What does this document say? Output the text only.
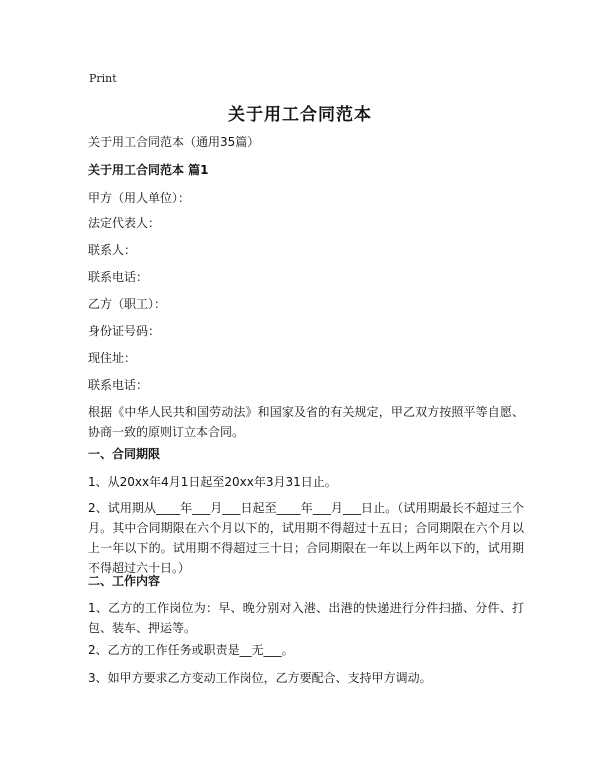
Print
关于用工合同范本
关于用工合同范本（通用35篇）
关于用工合同范本 篇1
甲方（用人单位）：
法定代表人：
联系人：
联系电话：
乙方（职工）：
身份证号码：
现住址：
联系电话：
根据《中华人民共和国劳动法》和国家及省的有关规定，甲乙双方按照平等自愿、协商一致的原则订立本合同。
一、合同期限
1、从20xx年4月1日起至20xx年3月31日止。
2、试用期从____年___月___日起至____年___月___日止。（试用期最长不超过三个月。其中合同期限在六个月以下的，试用期不得超过十五日；合同期限在六个月以上一年以下的。试用期不得超过三十日；合同期限在一年以上两年以下的，试用期不得超过六十日。）
二、工作内容
1、乙方的工作岗位为：早、晚分别对入港、出港的快递进行分件扫描、分件、打包、装车、押运等。
2、乙方的工作任务或职责是__无___。
3、如甲方要求乙方变动工作岗位，乙方要配合、支持甲方调动。
